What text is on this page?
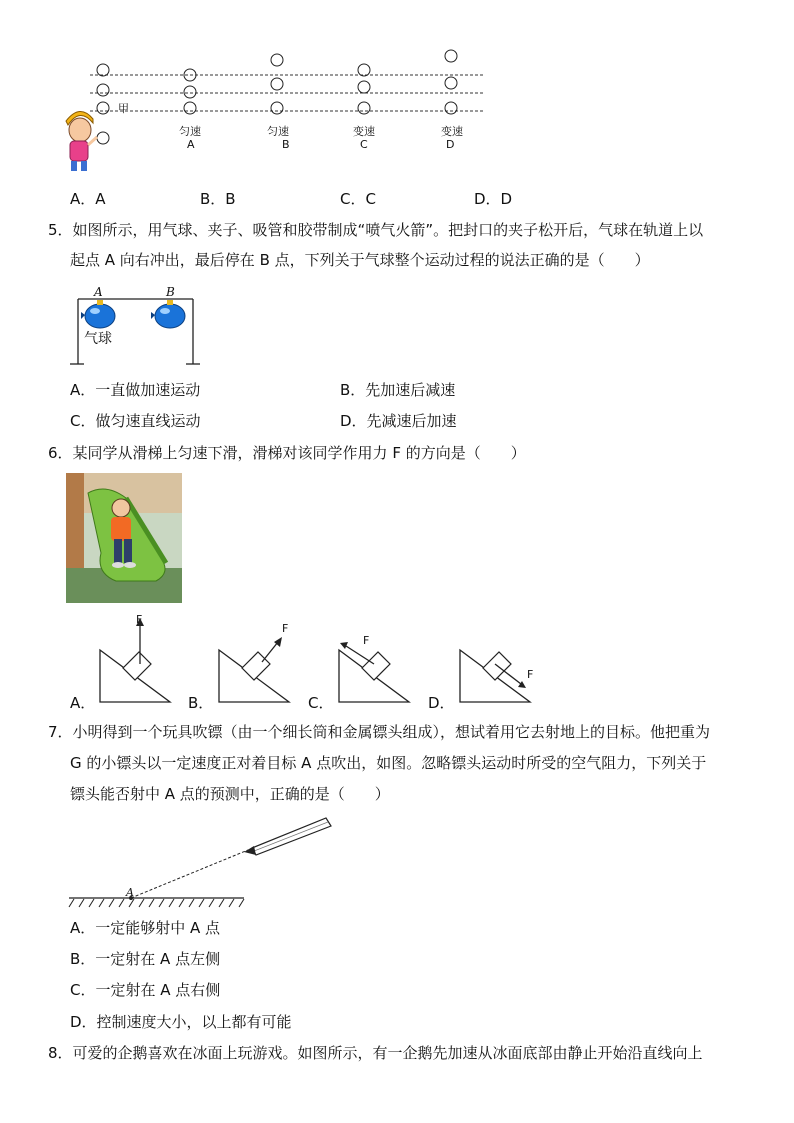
甲
匀速
A
匀速
B
变速
C
变速
D
A．A	B．B	C．C	D．D
5．如图所示，用气球、夹子、吸管和胶带制成“喷气火箭”。把封口的夹子松开后，气球在轨道上以
起点 A 向右冲出，最后停在 B 点，下列关于气球整个运动过程的说法正确的是（　　）
A	B
气球
A．一直做加速运动	B．先加速后减速
C．做匀速直线运动	D．先减速后加速
6．某同学从滑梯上匀速下滑，滑梯对该同学作用力 F 的方向是（　　）
F
A．
F
B．
F
C．
F
D．
7．小明得到一个玩具吹镖（由一个细长筒和金属镖头组成），想试着用它去射地上的目标。他把重为
G 的小镖头以一定速度正对着目标 A 点吹出，如图。忽略镖头运动时所受的空气阻力，下列关于
镖头能否射中 A 点的预测中，正确的是（　　）
A
A．一定能够射中 A 点
B．一定射在 A 点左侧
C．一定射在 A 点右侧
D．控制速度大小，以上都有可能
8．可爱的企鹅喜欢在冰面上玩游戏。如图所示，有一企鹅先加速从冰面底部由静止开始沿直线向上
